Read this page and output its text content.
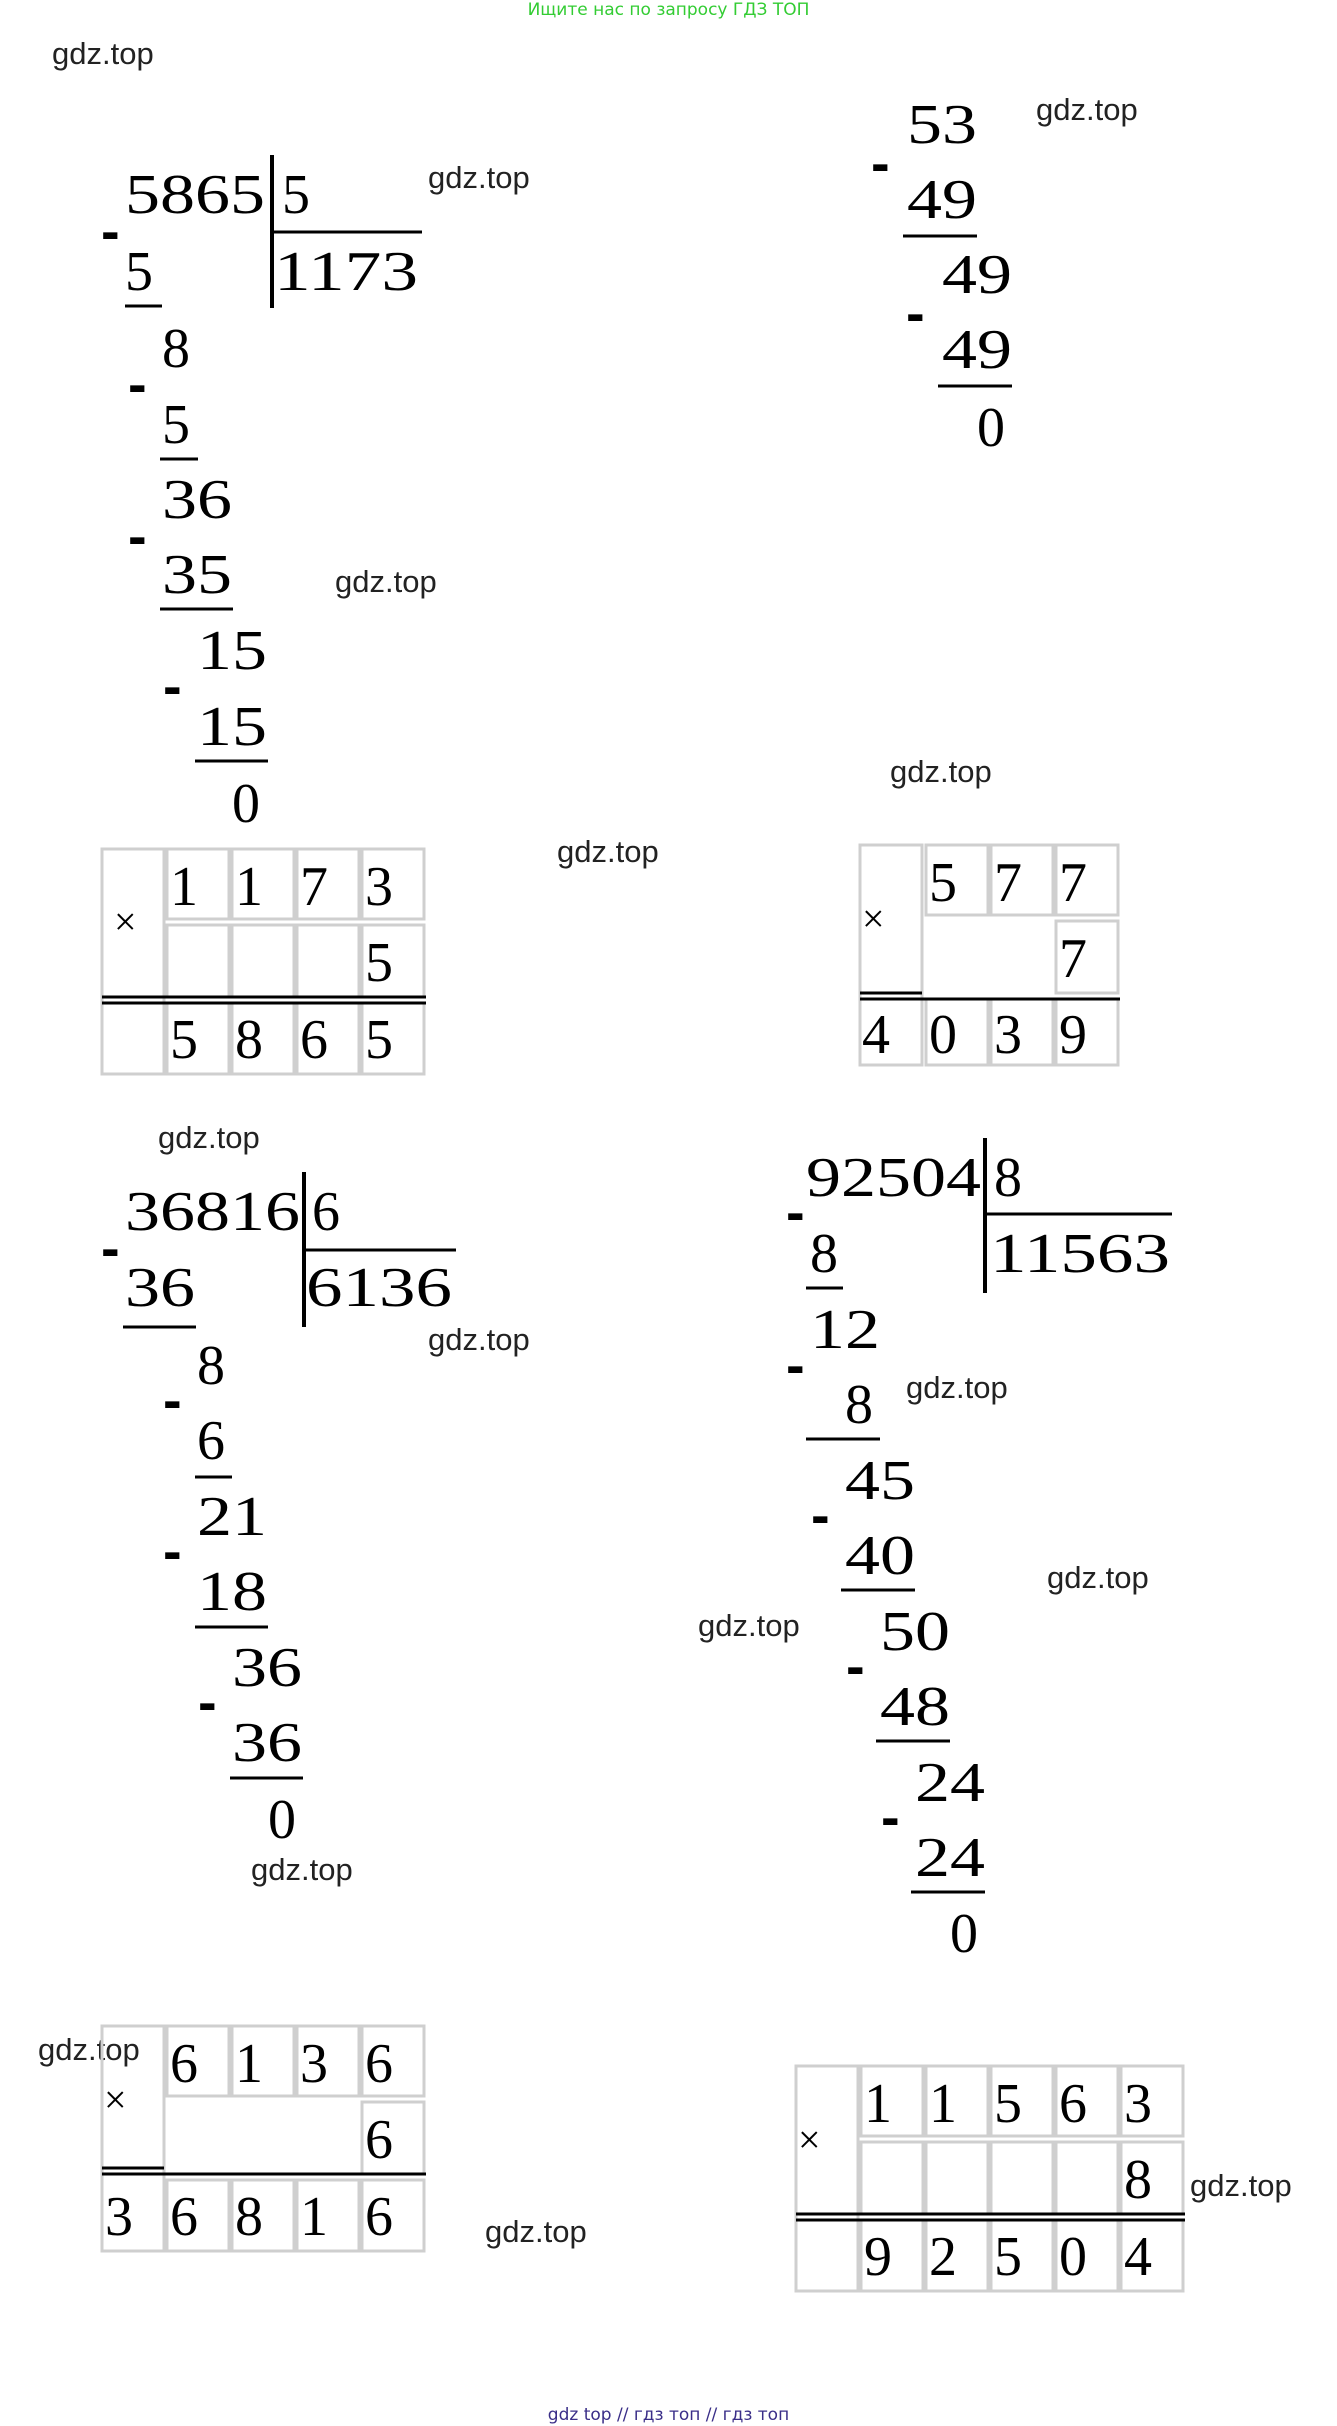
Ищите нас по запросу ГДЗ ТОП
gdz.top
gdz.top
gdz.top
gdz.top
gdz.top
gdz.top
gdz.top
gdz.top
gdz.top
gdz.top
gdz.top
gdz.top
gdz.top
gdz.top
gdz.top
5865 5
1173
-
5
8
-
5
36
-
35
15
-
15
0
53
-
49
49
-
49
0
×
1 1 7 3
5
5 8 6 5
×
5 7 7
7
4 0 3 9
36816 6
6136
-
36
8
-
6
21
-
18
36
-
36
0
92504 8
11563
-
8
12
-
8
45
-
40
50
-
48
24
-
24
0
×
6 1 3 6
6
3 6 8 1 6
×
1 1 5 6 3
8
9 2 5 0 4
gdz top // гдз топ // гдз топ
